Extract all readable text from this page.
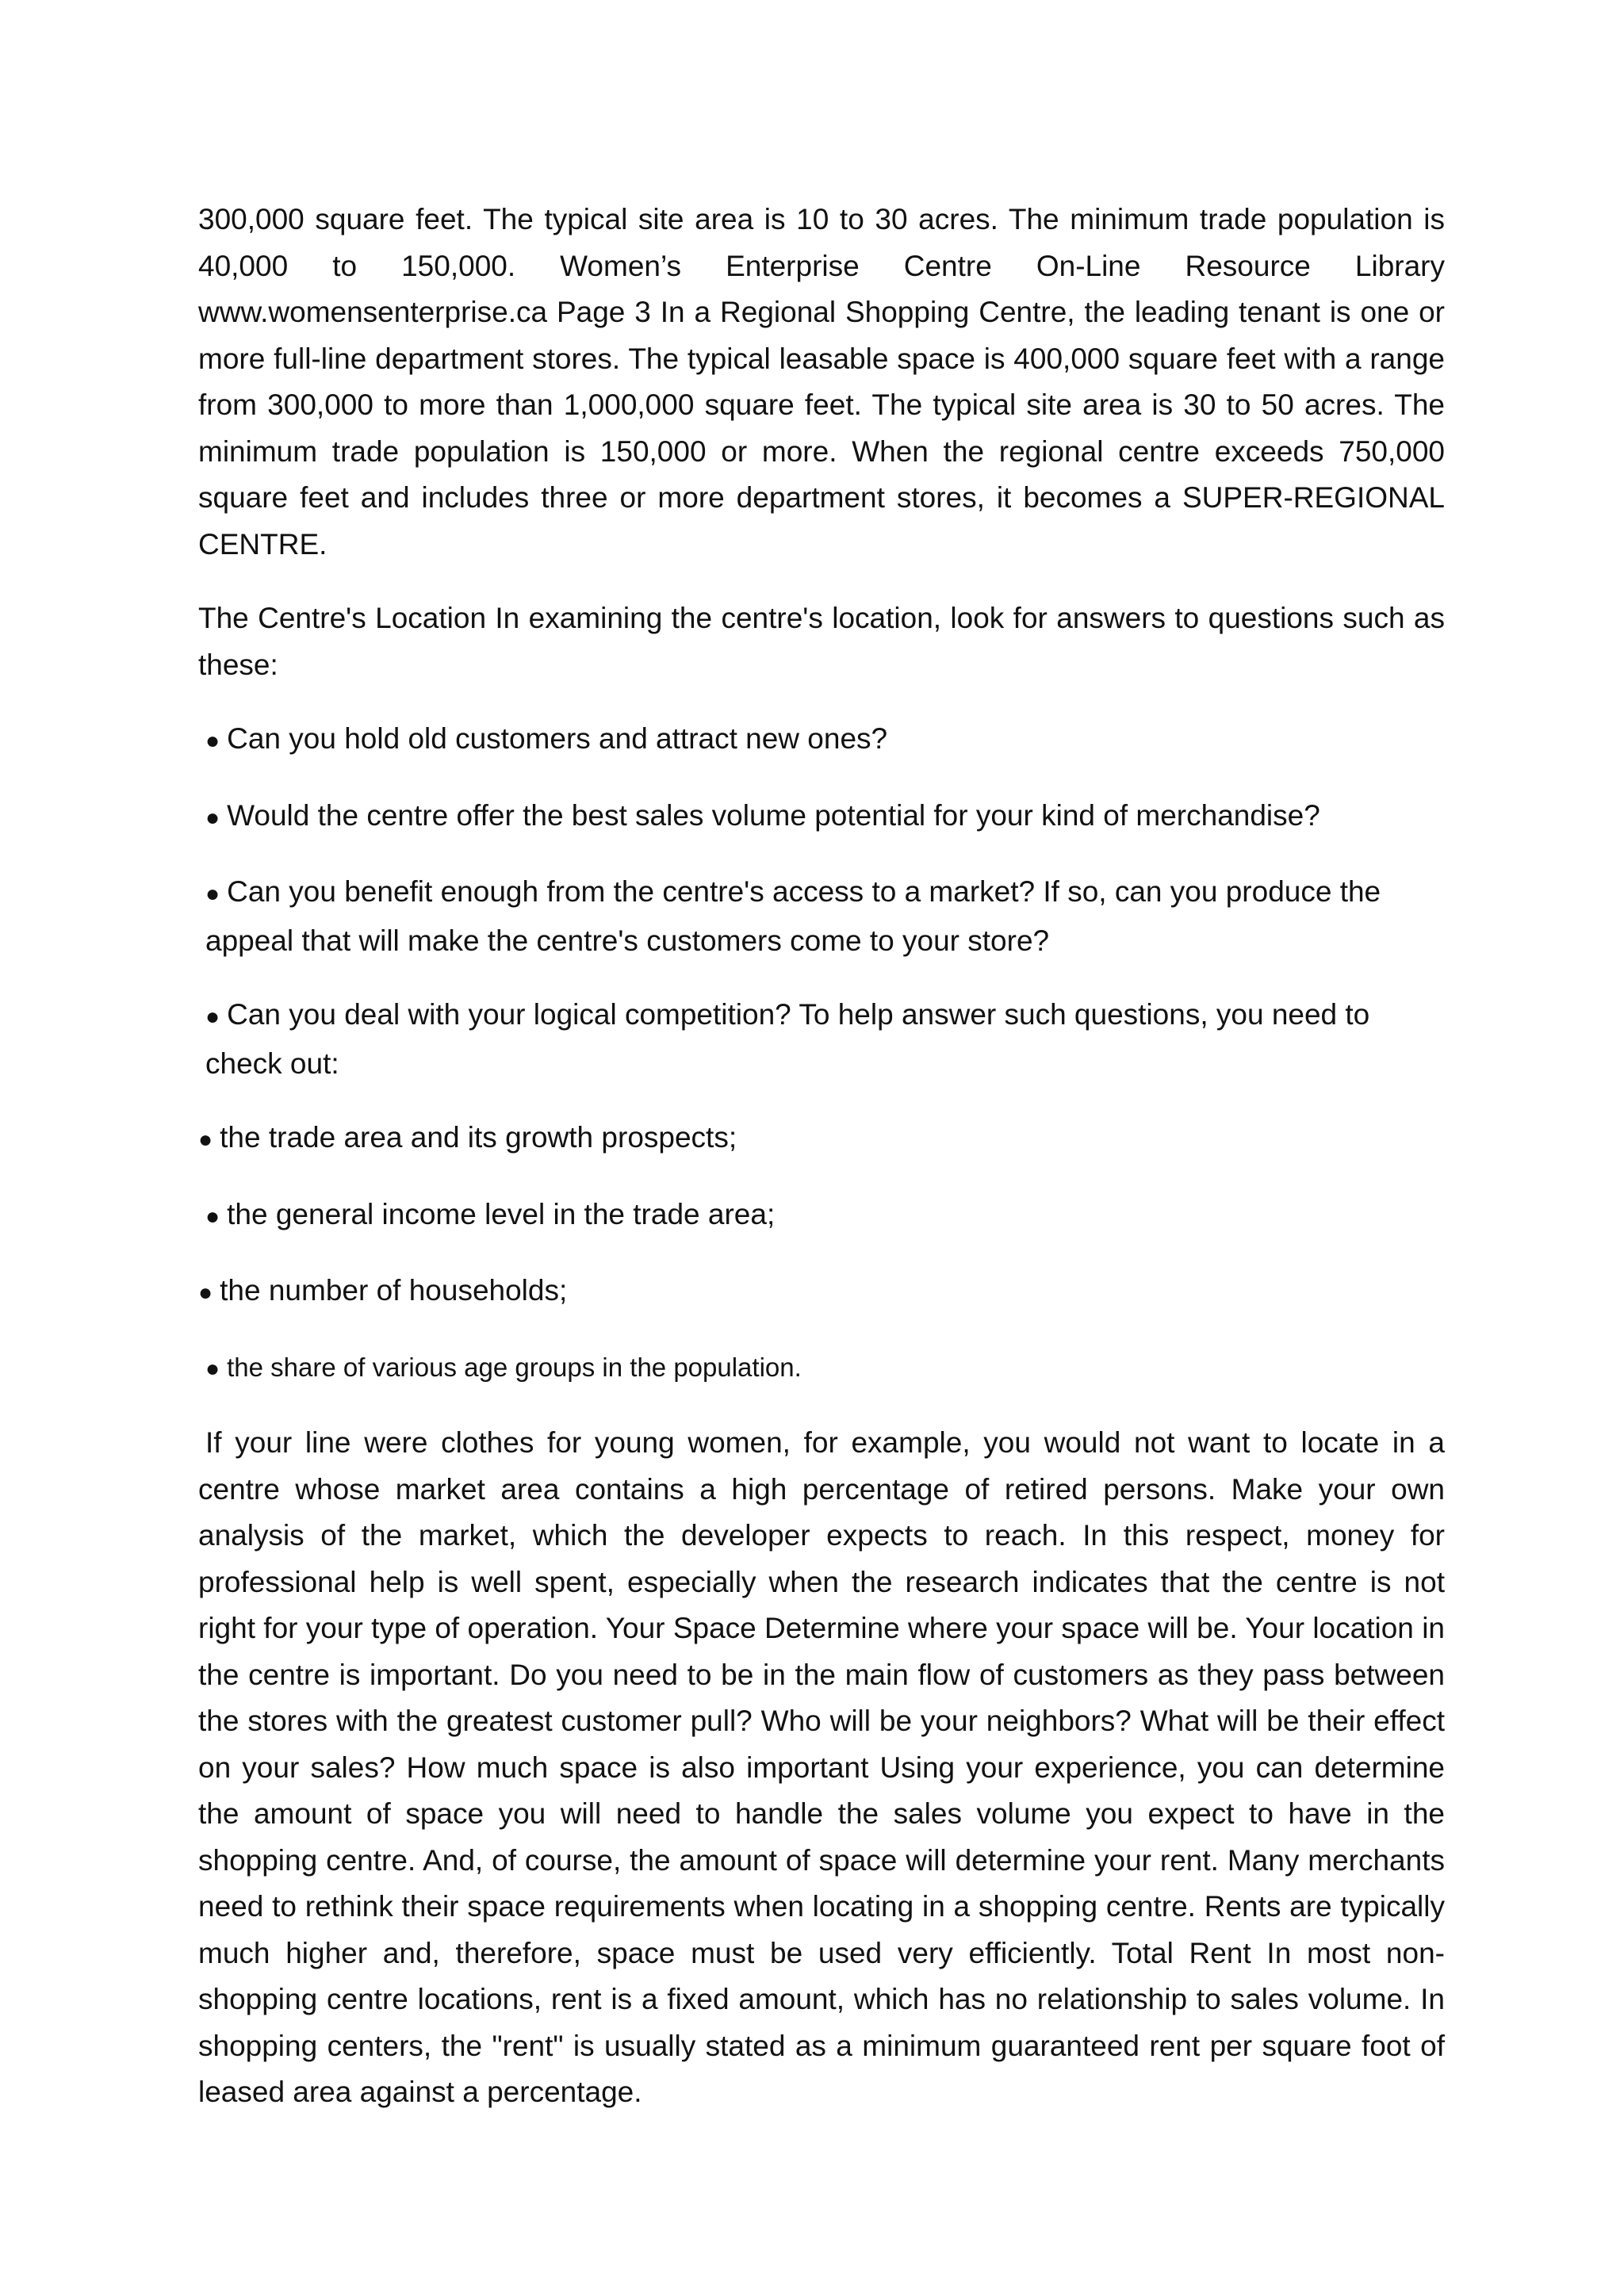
300,000 square feet. The typical site area is 10 to 30 acres. The minimum trade population is 40,000 to 150,000. Women’s Enterprise Centre On-Line Resource Library www.womensenterprise.ca Page 3 In a Regional Shopping Centre, the leading tenant is one or more full-line department stores. The typical leasable space is 400,000 square feet with a range from 300,000 to more than 1,000,000 square feet. The typical site area is 30 to 50 acres. The minimum trade population is 150,000 or more. When the regional centre exceeds 750,000 square feet and includes three or more department stores, it becomes a SUPER-REGIONAL CENTRE.

The Centre's Location In examining the centre's location, look for answers to questions such as these:

● Can you hold old customers and attract new ones?
● Would the centre offer the best sales volume potential for your kind of merchandise?
● Can you benefit enough from the centre's access to a market? If so, can you produce the appeal that will make the centre's customers come to your store?
● Can you deal with your logical competition? To help answer such questions, you need to check out:
● the trade area and its growth prospects;
● the general income level in the trade area;
● the number of households;
● the share of various age groups in the population.

If your line were clothes for young women, for example, you would not want to locate in a centre whose market area contains a high percentage of retired persons. Make your own analysis of the market, which the developer expects to reach. In this respect, money for professional help is well spent, especially when the research indicates that the centre is not right for your type of operation. Your Space Determine where your space will be. Your location in the centre is important. Do you need to be in the main flow of customers as they pass between the stores with the greatest customer pull? Who will be your neighbors? What will be their effect on your sales? How much space is also important Using your experience, you can determine the amount of space you will need to handle the sales volume you expect to have in the shopping centre. And, of course, the amount of space will determine your rent. Many merchants need to rethink their space requirements when locating in a shopping centre. Rents are typically much higher and, therefore, space must be used very efficiently. Total Rent In most non-shopping centre locations, rent is a fixed amount, which has no relationship to sales volume. In shopping centers, the "rent" is usually stated as a minimum guaranteed rent per square foot of leased area against a percentage.
